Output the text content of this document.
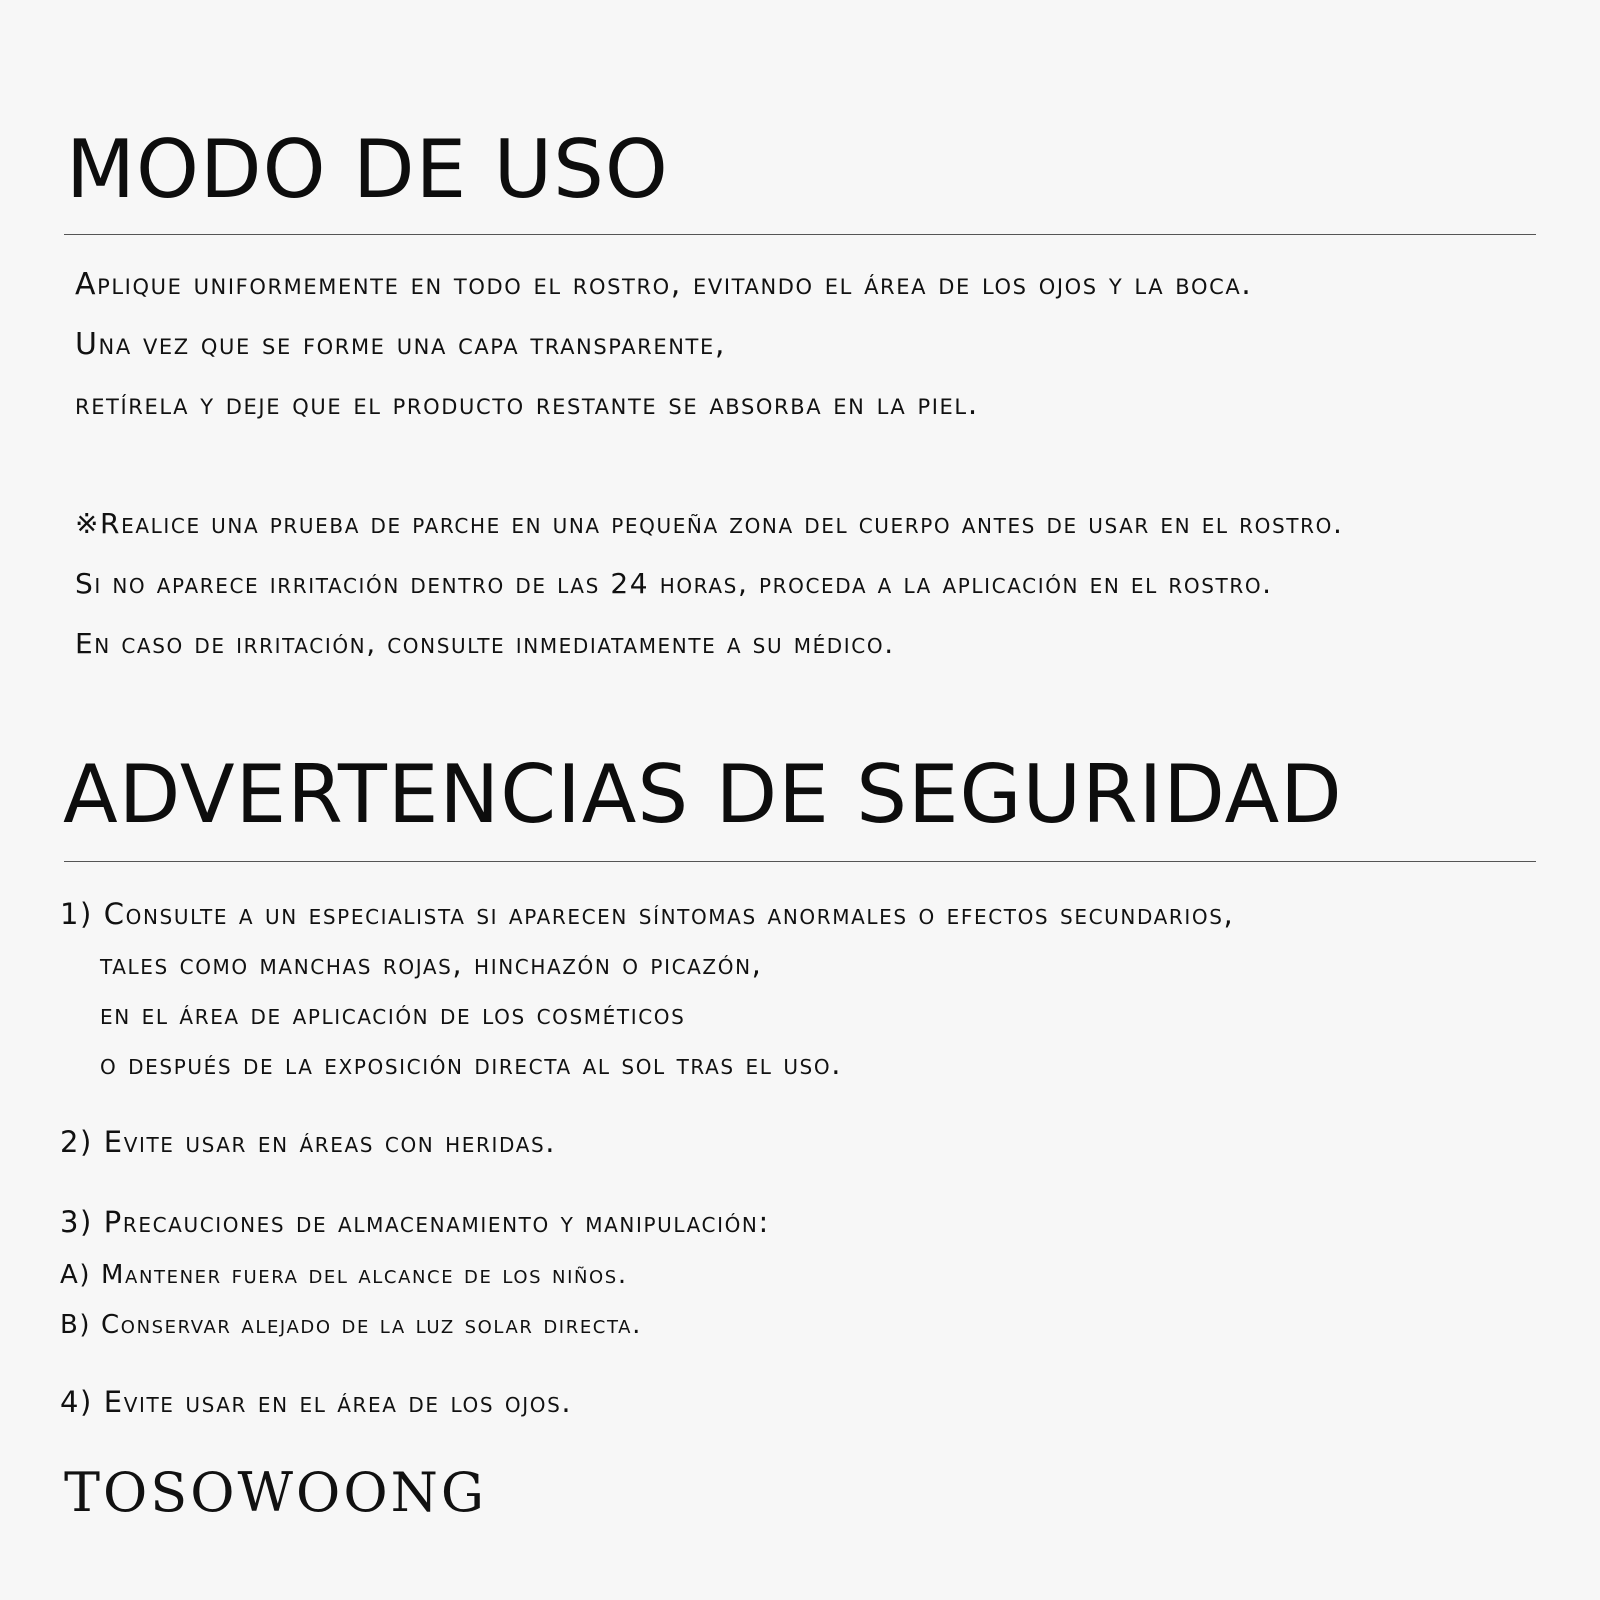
MODO DE USO
Aplique uniformemente en todo el rostro, evitando el área de los ojos y la boca.
Una vez que se forme una capa transparente,
retírela y deje que el producto restante se absorba en la piel.
※Realice una prueba de parche en una pequeña zona del cuerpo antes de usar en el rostro.
Si no aparece irritación dentro de las 24 horas, proceda a la aplicación en el rostro.
En caso de irritación, consulte inmediatamente a su médico.
ADVERTENCIAS DE SEGURIDAD
1) Consulte a un especialista si aparecen síntomas anormales o efectos secundarios,
tales como manchas rojas, hinchazón o picazón,
en el área de aplicación de los cosméticos
o después de la exposición directa al sol tras el uso.
2) Evite usar en áreas con heridas.
3) Precauciones de almacenamiento y manipulación:
A) Mantener fuera del alcance de los niños.
B) Conservar alejado de la luz solar directa.
4) Evite usar en el área de los ojos.
TOSOWOONG
